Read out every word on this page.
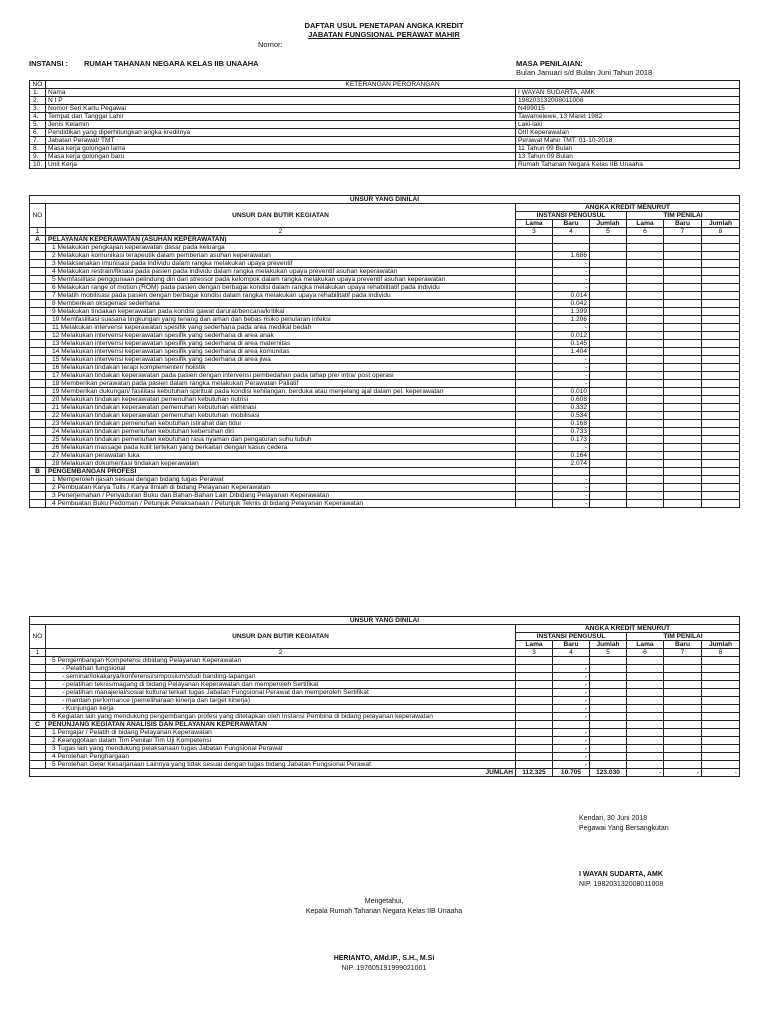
DAFTAR USUL PENETAPAN ANGKA KREDIT
JABATAN FUNGSIONAL PERAWAT MAHIR
Nomor:
INSTANSI : RUMAH TAHANAN NEGARA KELAS IIB UNAAHA	MASA PENILAIAN:
Bulan Januari s/d Bulan Juni Tahun 2018
NO	KETERANGAN PERORANGAN	
1.	Nama	I WAYAN SUDARTA, AMK
2.	N I P	198203132008011008
3.	Nomor Seri Kartu Pegawai	N499015
4.	Tempat dan Tanggal Lahir	Tawamelewe, 13 Maret 1982
5.	Jenis Kelamin	Laki-laki
6.	Pendidikan yang diperhitungkan angka kreditnya	DIII Keperawatan
7.	Jabatan Perawat/ TMT	Perawat Mahir TMT. 01-10-2018
8.	Masa kerja golongan lama	11 Tahun 09 Bulan
9.	Masa kerja golongan baru	13 Tahun 09 Bulan
10.	Unit Kerja	Rumah Tahanan Negara Kelas IIB Unaaha
UNSUR YANG DINILAI							
NO	UNSUR DAN BUTIR KEGIATAN	ANGKA KREDIT MENURUT					
		INSTANSI PENGUSUL			TIM PENILAI		
		Lama	Baru	Jumlah	Lama	Baru	Jumlah
1	2	3	4	5	6	7	8
A	PELAYANAN KEPERAWATAN (ASUHAN KEPERAWATAN)						
	1 Melakukan pengkajian keperawatan dasar pada keluarga						
	2 Melakukan komunikasi terapeutik dalam pemberian asuhan keperawatan		1.686				
	3 Melaksanakan imunisasi pada individu dalam rangka melakukan upaya preventif		-				
	4 Melakukan restrain/fiksasi pada pasien pada individu dalam rangka melakukan upaya preventif asuhan keperawatan		-				
	5 Memfasilitasi penggunaan pelindung diri dari stressor pada kelompok dalam rangka melakukan upaya preventif asuhan keperawatan		-				
	6 Melakukan range of motion (ROM) pada pasien dengan berbagai kondisi dalam rangka melakukan upaya rehabilitatif pada individu		-				
	7 Melatih mobilisasi pada pasien dengan berbagai kondisi dalam rangka melakukan upaya rehabilitatif pada individu		0.014				
	8 Memberikan oksigenasi sederhana		0.042				
	9 Melakukan tindakan keperawatan pada kondisi gawat darurat/bencana/kritikal		1.399				
	10 Memfasilitasi suasana lingkungan yang tenang dan aman dan bebas risiko penularan infeksi		1.206				
	11 Melakukan intervensi keperawatan spesifik yang sederhana pada area medikal bedah		-				
	12 Melakukan intervensi keperawatan spesifik yang sederhana di area anak		0.012				
	13 Melakukan intervensi keperawatan spesifik yang sederhana di area maternitas		0.145				
	14 Melakukan intervensi keperawatan spesifik yang sederhana di area komunitas		1.404				
	15 Melakukan intervensi keperawatan spesifik yang sederhana di area jiwa		-				
	16 Melakukan tindakan terapi komplementer/ holistik		-				
	17 Melakukan tindakan keperawatan pada pasien dengan intervensi pembedahan pada tahap pre/ intra/ post operasi		-				
	18 Memberikan perawatan pada pasien dalam rangka melakukan Perawatan Paliatif		-				
	19 Memberikan dukungan/ fasilitasi kebutuhan spiritual pada kondisi kehilangan, berduka atau menjelang ajal dalam pel. keperawatan		0.010				
	20 Melakukan tindakan keperawatan pemenuhan kebutuhan nutrisi		0.608				
	21 Melakukan tindakan keperawatan pemenuhan kebutuhan eliminasi		0.332				
	22 Melakukan tindakan keperawatan pemenuhan kebutuhan mobilisasi		0.534				
	23 Melakukan tindakan pemenuhan kebutuhan istirahat dan tidur		0.168				
	24 Melakukan tindakan pemenuhan kebutuhan kebersihan diri		0.733				
	25 Melakukan tindakan pemenuhan kebutuhan rasa nyaman dan pengaturan suhu tubuh		0.173				
	26 Melakukan massage pada kulit tertekan yang berkaitan dengan kasus cedera		-				
	27 Melakukan perawatan luka		0.164				
	28 Melakukan dokumentasi tindakan keperawatan		2.074				
B	PENGEMBANGAN PROFESI						
	1 Memperoleh ijasah sesuai dengan bidang tugas Perawat		-				
	2 Pembuatan Karya Tulis / Karya Ilmiah di bidang Pelayanan Keperawatan		-				
	3 Penerjemahan / Penyaduran Buku dan Bahan-Bahan Lain Dibidang Pelayanan Keperawatan		-				
	4 Pembuatan Buku Pedoman / Petunjuk Pelaksanaan / Petunjuk Teknis di bidang Pelayanan Keperawatan		-				
UNSUR YANG DINILAI							
NO	UNSUR DAN BUTIR KEGIATAN	ANGKA KREDIT MENURUT					
		INSTANSI PENGUSUL			TIM PENILAI		
		Lama	Baru	Jumlah	Lama	Baru	Jumlah
1	2	3	4	5	6	7	8
	5 Pengembangan Kompetensi dibidang Pelayanan Keperawatan						
	- Pelatihan fungsional		-				
	- seminar/lokakarya/konferensi/simposium/studi banding-lapangan		-				
	- pelatihan teknis/magang di bidang Pelayanan Keperawatan dan memperoleh Sertifikat		-				
	- pelatihan manajerial/sosial kultural terkait tugas Jabatan Fungsional Perawat dan memperoleh Sertifikat		-				
	- maintain performance (pemeliharaan kinerja dan target kinerja)		-				
	- Kunjungan kerja		-				
	6 Kegiatan lain yang mendukung pengembangan profesi yang ditetapkan oleh Instansi Pembina di bidang pelayanan keperawatan		-				
C	PENUNJANG KEGIATAN ANALISIS DAN PELAYANAN KEPERAWATAN						
	1 Pengajar / Pelatih di bidang Pelayanan Keperawatan		-				
	2 Keanggotaan dalam Tim Penilai/ Tim Uji Kompetensi		-				
	3 Tugas lain yang mendukung pelaksanaan tugas Jabatan Fungsional Perawat		-				
	4 Perolehan Penghargaan		-				
	5 Perolehan Gelar Kesarjanaan Lainnya yang tidak sesuai dengan tugas bidang Jabatan Fungsional Perawat		-				
JUMLAH		112.325	10.705	123.030	-	-	-
Kendari, 30 Juni 2018
Pegawai Yang Bersangkutan
I WAYAN SUDARTA, AMK
NIP. 198203132008011008
Mengetahui,
Kepala Rumah Tahanan Negara Kelas IIB Unaaha
HERIANTO, AMd.IP., S.H., M.Si
NIP. 197605191999021001
